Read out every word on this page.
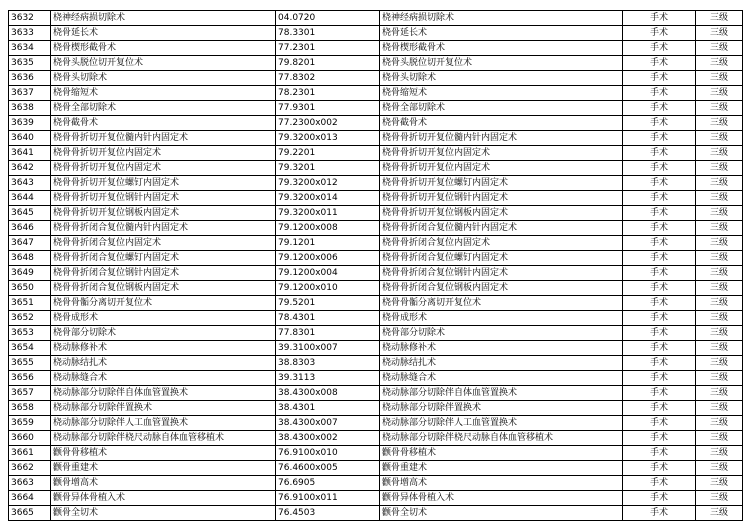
3632	桡神经病损切除术	04.0720	桡神经病损切除术	手术	三级
3633	桡骨延长术	78.3301	桡骨延长术	手术	三级
3634	桡骨楔形截骨术	77.2301	桡骨楔形截骨术	手术	三级
3635	桡骨头脱位切开复位术	79.8201	桡骨头脱位切开复位术	手术	三级
3636	桡骨头切除术	77.8302	桡骨头切除术	手术	三级
3637	桡骨缩短术	78.2301	桡骨缩短术	手术	三级
3638	桡骨全部切除术	77.9301	桡骨全部切除术	手术	三级
3639	桡骨截骨术	77.2300x002	桡骨截骨术	手术	三级
3640	桡骨骨折切开复位髓内针内固定术	79.3200x013	桡骨骨折切开复位髓内针内固定术	手术	三级
3641	桡骨骨折切开复位内固定术	79.2201	桡骨骨折切开复位内固定术	手术	三级
3642	桡骨骨折切开复位内固定术	79.3201	桡骨骨折切开复位内固定术	手术	三级
3643	桡骨骨折切开复位螺钉内固定术	79.3200x012	桡骨骨折切开复位螺钉内固定术	手术	三级
3644	桡骨骨折切开复位钢针内固定术	79.3200x014	桡骨骨折切开复位钢针内固定术	手术	三级
3645	桡骨骨折切开复位钢板内固定术	79.3200x011	桡骨骨折切开复位钢板内固定术	手术	三级
3646	桡骨骨折闭合复位髓内针内固定术	79.1200x008	桡骨骨折闭合复位髓内针内固定术	手术	三级
3647	桡骨骨折闭合复位内固定术	79.1201	桡骨骨折闭合复位内固定术	手术	三级
3648	桡骨骨折闭合复位螺钉内固定术	79.1200x006	桡骨骨折闭合复位螺钉内固定术	手术	三级
3649	桡骨骨折闭合复位钢针内固定术	79.1200x004	桡骨骨折闭合复位钢针内固定术	手术	三级
3650	桡骨骨折闭合复位钢板内固定术	79.1200x010	桡骨骨折闭合复位钢板内固定术	手术	三级
3651	桡骨骨骺分离切开复位术	79.5201	桡骨骨骺分离切开复位术	手术	三级
3652	桡骨成形术	78.4301	桡骨成形术	手术	三级
3653	桡骨部分切除术	77.8301	桡骨部分切除术	手术	三级
3654	桡动脉修补术	39.3100x007	桡动脉修补术	手术	三级
3655	桡动脉结扎术	38.8303	桡动脉结扎术	手术	三级
3656	桡动脉缝合术	39.3113	桡动脉缝合术	手术	三级
3657	桡动脉部分切除伴自体血管置换术	38.4300x008	桡动脉部分切除伴自体血管置换术	手术	三级
3658	桡动脉部分切除伴置换术	38.4301	桡动脉部分切除伴置换术	手术	三级
3659	桡动脉部分切除伴人工血管置换术	38.4300x007	桡动脉部分切除伴人工血管置换术	手术	三级
3660	桡动脉部分切除伴桡尺动脉自体血管移植术	38.4300x002	桡动脉部分切除伴桡尺动脉自体血管移植术	手术	三级
3661	颧骨骨移植术	76.9100x010	颧骨骨移植术	手术	三级
3662	颧骨重建术	76.4600x005	颧骨重建术	手术	三级
3663	颧骨增高术	76.6905	颧骨增高术	手术	三级
3664	颧骨异体骨植入术	76.9100x011	颧骨异体骨植入术	手术	三级
3665	颧骨全切术	76.4503	颧骨全切术	手术	三级
